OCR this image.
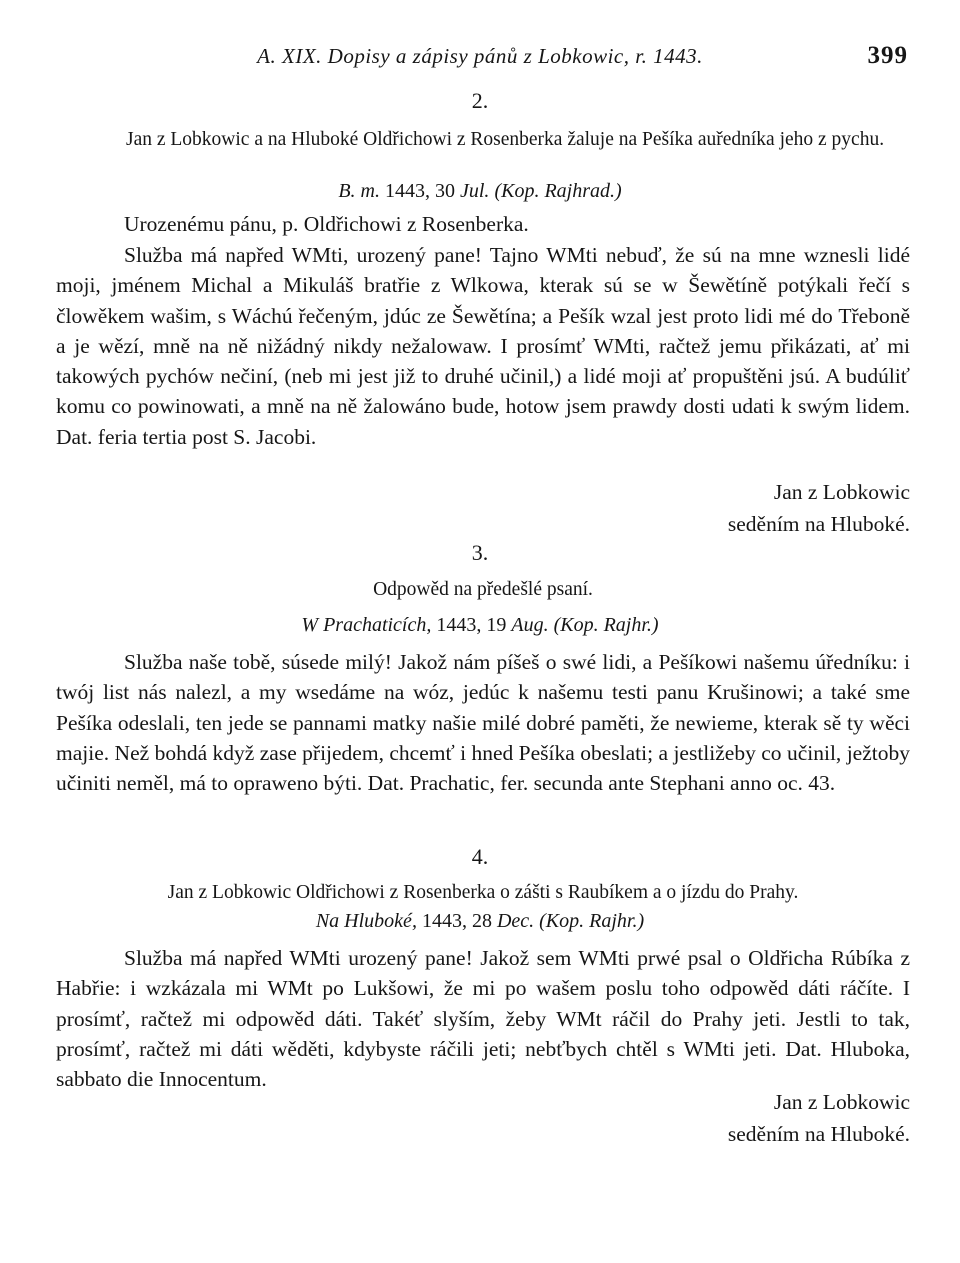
A. XIX. Dopisy a zápisy pánů z Lobkowic, r. 1443.	399
2.

Jan z Lobkowic a na Hluboké Oldřichowi z Rosenberka žaluje na Pešíka auředníka jeho z pychu.

B. m. 1443, 30 Jul. (Kop. Rajhrad.)
Urozenému pánu, p. Oldřichowi z Rosenberka.

Služba má napřed WMti, urozený pane! Tajno WMti nebuď, že sú na mne wznesli lidé moji, jménem Michal a Mikuláš bratřie z Wlkowa, kterak sú se w Šewětíně potýkali řečí s člowěkem wašim, s Wáchú řečeným, jdúc ze Šewětína; a Pešík wzal jest proto lidi mé do Třeboně a je wězí, mně na ně nižádný nikdy nežalowaw. I prosímť WMti, račtež jemu přikázati, ať mi takowých pychów nečiní, (neb mi jest již to druhé učinil,) a lidé moji ať propuštěni jsú. A budúliť komu co powinowati, a mně na ně žalowáno bude, hotow jsem prawdy dosti udati k swým lidem. Dat. feria tertia post S. Jacobi.

Jan z Lobkowic
seděním na Hluboké.
3.

Odpowěd na předešlé psaní.

W Prachaticích, 1443, 19 Aug. (Kop. Rajhr.)

Služba naše tobě, súsede milý! Jakož nám píšeš o swé lidi, a Pešíkowi našemu úředníku: i twój list nás nalezl, a my wsedáme na wóz, jedúc k našemu testi panu Krušinowi; a také sme Pešíka odeslali, ten jede se pannami matky našie milé dobré paměti, že newieme, kterak sě ty wěci majie. Než bohdá když zase přijedem, chcemť i hned Pešíka obeslati; a jestližeby co učinil, ježtoby učiniti neměl, má to opraweno býti. Dat. Prachatic, fer. secunda ante Stephani anno oc. 43.

4.

Jan z Lobkowic Oldřichowi z Rosenberka o zášti s Raubíkem a o jízdu do Prahy.

Na Hluboké, 1443, 28 Dec. (Kop. Rajhr.)

Služba má napřed WMti urozený pane! Jakož sem WMti prwé psal o Oldřicha Rúbíka z Habřie: i wzkázala mi WMt po Lukšowi, že mi po wašem poslu toho odpowěd dáti ráčíte. I prosímť, račtež mi odpowěd dáti. Takéť slyším, žeby WMt ráčil do Prahy jeti. Jestli to tak, prosímť, račtež mi dáti wěděti, kdybyste ráčili jeti; nebťbych chtěl s WMti jeti. Dat. Hluboka, sabbato die Innocentum.

Jan z Lobkowic
seděním na Hluboké.
